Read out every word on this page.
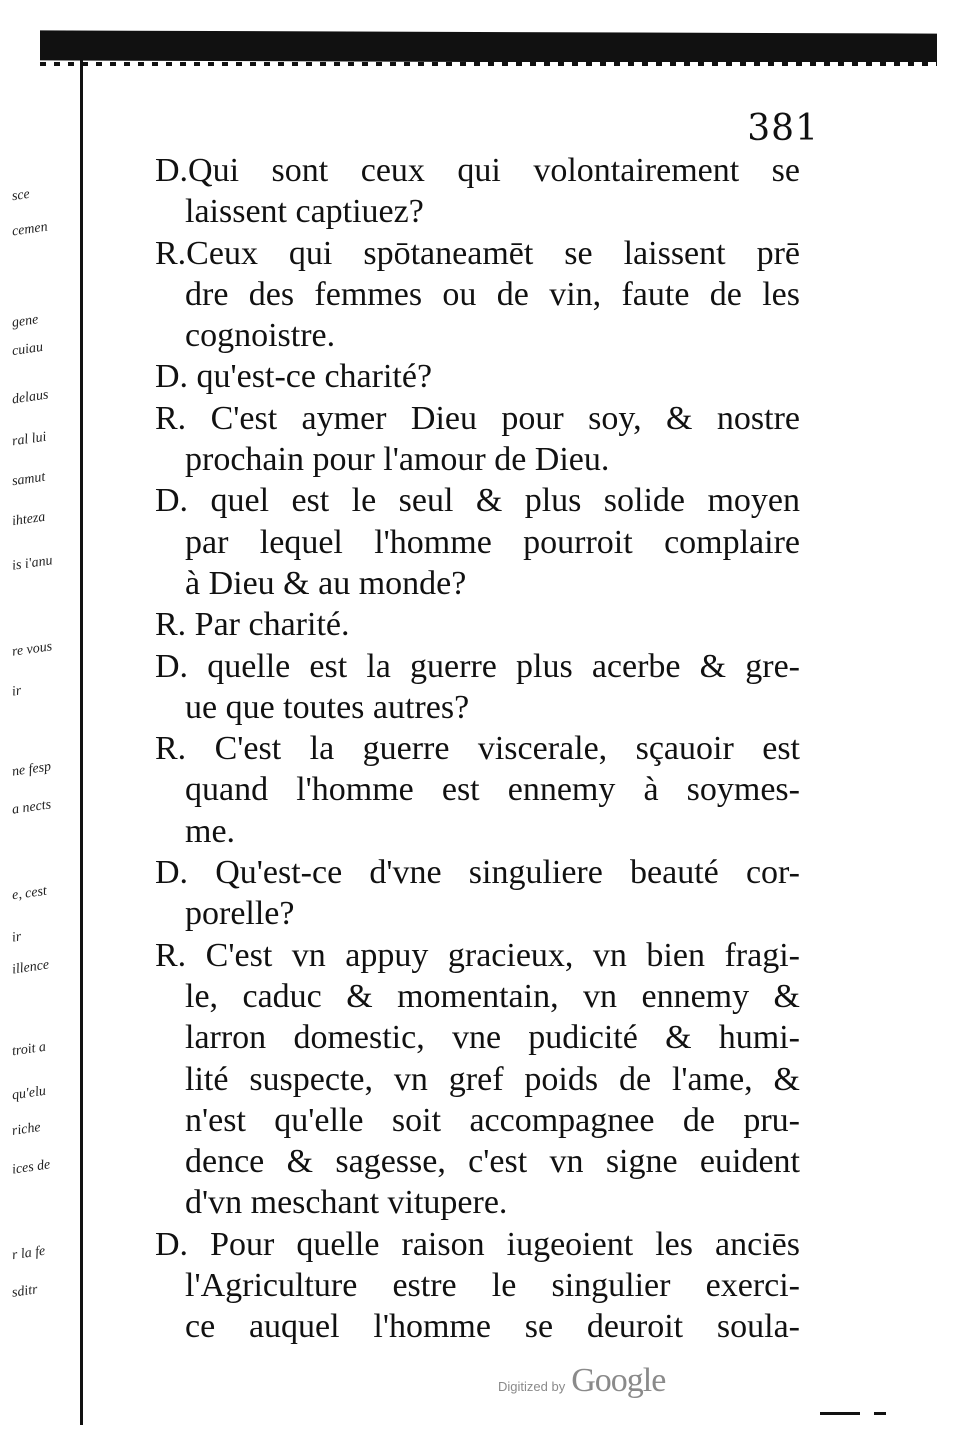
sce
cemen
gene
cuiau
delaus
ral lui
samut
ihteza
is i'anu
re vous
ir
ne fesp
a nects
e, cest
ir
illence
troit a
qu'elu
riche
ices de
r la fe
sditr
381
D.Qui sont ceux qui volontairement se
laissent captiuez?
R.Ceux qui spōtaneamēt se laissent prē
dre des femmes ou de vin, faute de les
cognoistre.
D. qu'est-ce charité?
R. C'est aymer Dieu pour soy, & nostre
prochain pour l'amour de Dieu.
D. quel est le seul & plus solide moyen
par lequel l'homme pourroit complaire
à Dieu & au monde?
R. Par charité.
D. quelle est la guerre plus acerbe & gre-
ue que toutes autres?
R. C'est la guerre viscerale, sçauoir est
quand l'homme est ennemy à soymes-
me.
D. Qu'est-ce d'vne singuliere beauté cor-
porelle?
R. C'est vn appuy gracieux, vn bien fragi-
le, caduc & momentain, vn ennemy &
larron domestic, vne pudicité & humi-
lité suspecte, vn gref poids de l'ame, &
n'est qu'elle soit accompagnee de pru-
dence & sagesse, c'est vn signe euident
d'vn meschant vitupere.
D. Pour quelle raison iugeoient les anciēs
l'Agriculture estre le singulier exerci-
ce auquel l'homme se deuroit soula-
Digitized by Google
